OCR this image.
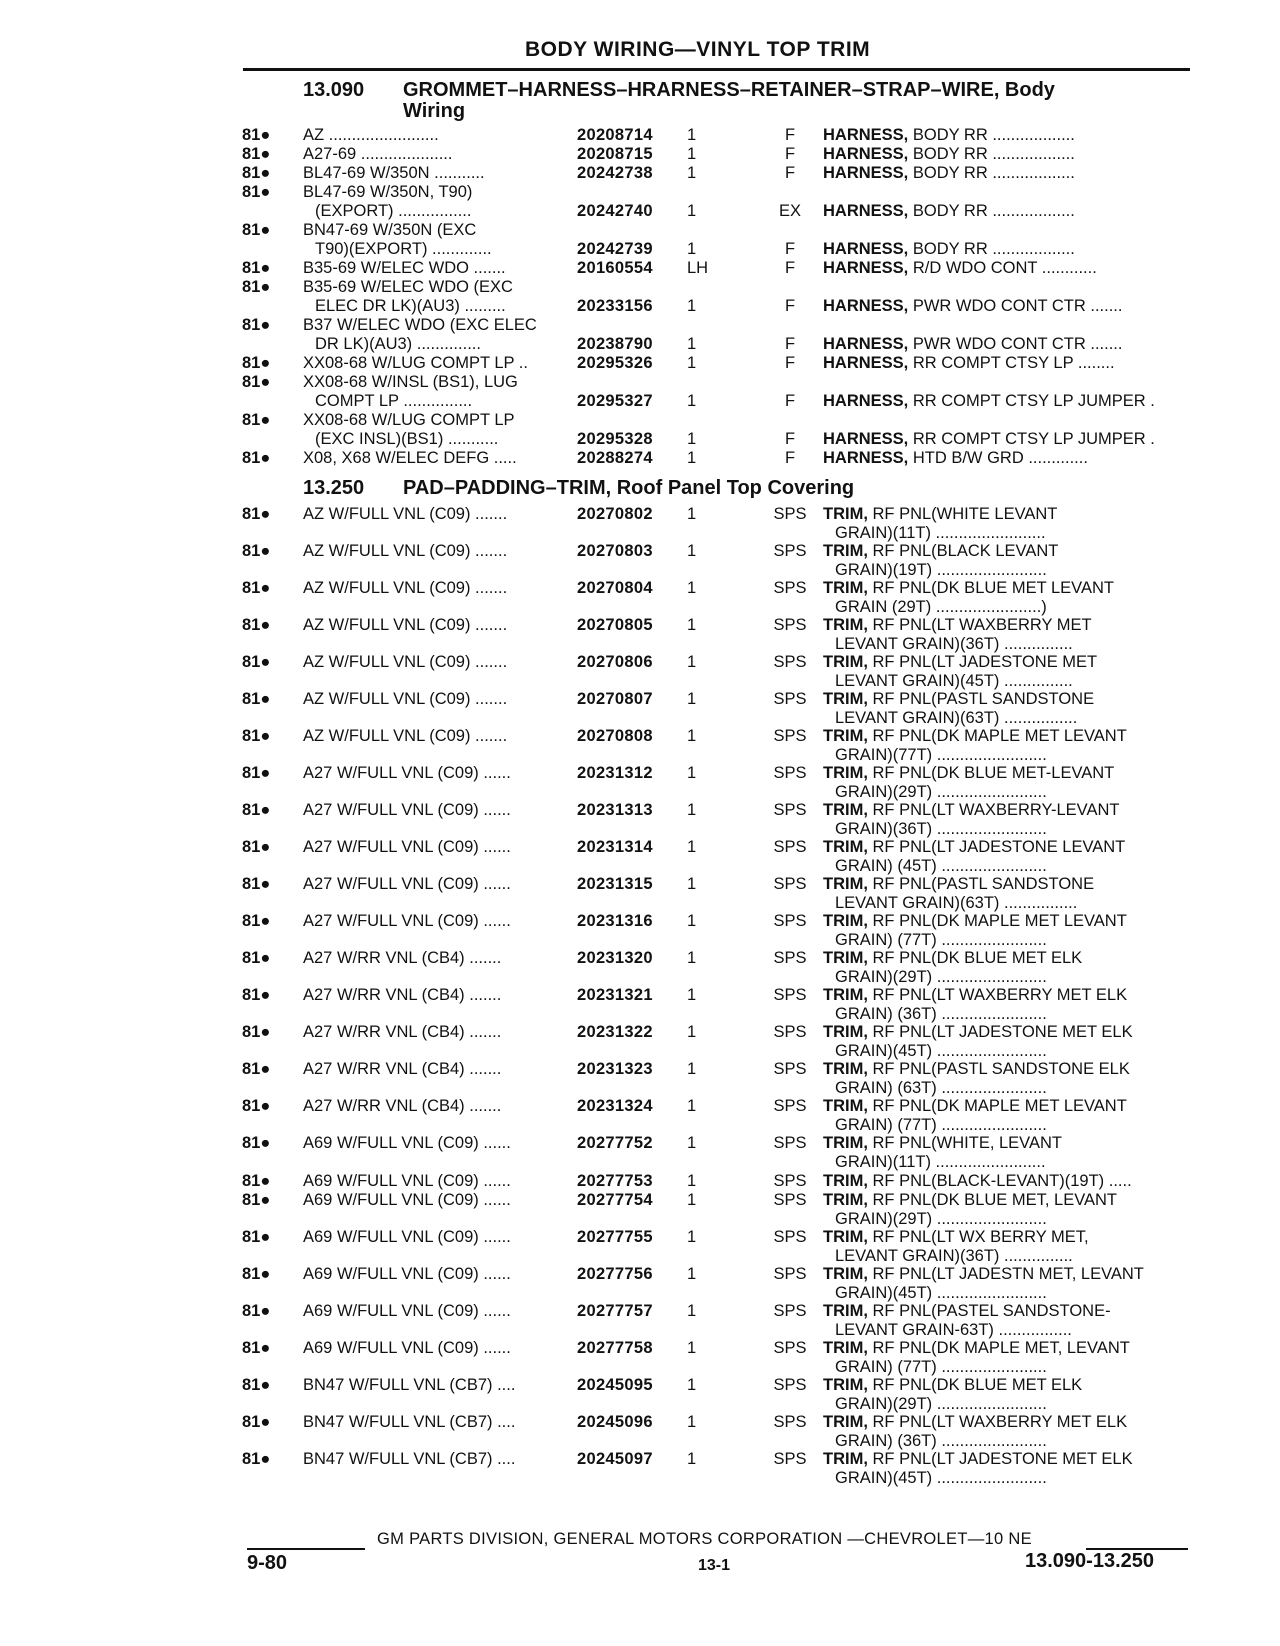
BODY WIRING—VINYL TOP TRIM
13.090 GROMMET–HARNESS–HRARNESS–RETAINER–STRAP–WIRE, Body
Wiring
81● AZ ........................	20208714 1	F	HARNESS, BODY RR ..................
81● A27-69 ....................	20208715 1	F	HARNESS, BODY RR ..................
81● BL47-69 W/350N ...........	20242738 1	F	HARNESS, BODY RR ..................
81● BL47-69 W/350N, T90)
(EXPORT) ................	20242740 1	EX	HARNESS, BODY RR ..................
81● BN47-69 W/350N (EXC
T90)(EXPORT) .............	20242739 1	F	HARNESS, BODY RR ..................
81● B35-69 W/ELEC WDO .......	20160554 LH	F	HARNESS, R/D WDO CONT ............
81● B35-69 W/ELEC WDO (EXC
ELEC DR LK)(AU3) .........	20233156 1	F	HARNESS, PWR WDO CONT CTR .......
81● B37 W/ELEC WDO (EXC ELEC
DR LK)(AU3) ..............	20238790 1	F	HARNESS, PWR WDO CONT CTR .......
81● XX08-68 W/LUG COMPT LP ..	20295326 1	F	HARNESS, RR COMPT CTSY LP ........
81● XX08-68 W/INSL (BS1), LUG
COMPT LP ...............	20295327 1	F	HARNESS, RR COMPT CTSY LP JUMPER .
81● XX08-68 W/LUG COMPT LP
(EXC INSL)(BS1) ...........	20295328 1	F	HARNESS, RR COMPT CTSY LP JUMPER .
81● X08, X68 W/ELEC DEFG .....	20288274 1	F	HARNESS, HTD B/W GRD .............
13.250 PAD–PADDING–TRIM, Roof Panel Top Covering
81● AZ W/FULL VNL (C09) .......	20270802 1	SPS TRIM, RF PNL(WHITE LEVANT
GRAIN)(11T) ........................
81● AZ W/FULL VNL (C09) .......	20270803 1	SPS TRIM, RF PNL(BLACK LEVANT
GRAIN)(19T) ........................
81● AZ W/FULL VNL (C09) .......	20270804 1	SPS TRIM, RF PNL(DK BLUE MET LEVANT
GRAIN (29T) .......................)
81● AZ W/FULL VNL (C09) .......	20270805 1	SPS TRIM, RF PNL(LT WAXBERRY MET
LEVANT GRAIN)(36T) ...............
81● AZ W/FULL VNL (C09) .......	20270806 1	SPS TRIM, RF PNL(LT JADESTONE MET
LEVANT GRAIN)(45T) ...............
81● AZ W/FULL VNL (C09) .......	20270807 1	SPS TRIM, RF PNL(PASTL SANDSTONE
LEVANT GRAIN)(63T) ................
81● AZ W/FULL VNL (C09) .......	20270808 1	SPS TRIM, RF PNL(DK MAPLE MET LEVANT
GRAIN)(77T) ........................
81● A27 W/FULL VNL (C09) ......	20231312 1	SPS TRIM, RF PNL(DK BLUE MET-LEVANT
GRAIN)(29T) ........................
81● A27 W/FULL VNL (C09) ......	20231313 1	SPS TRIM, RF PNL(LT WAXBERRY-LEVANT
GRAIN)(36T) ........................
81● A27 W/FULL VNL (C09) ......	20231314 1	SPS TRIM, RF PNL(LT JADESTONE LEVANT
GRAIN) (45T) .......................
81● A27 W/FULL VNL (C09) ......	20231315 1	SPS TRIM, RF PNL(PASTL SANDSTONE
LEVANT GRAIN)(63T) ................
81● A27 W/FULL VNL (C09) ......	20231316 1	SPS TRIM, RF PNL(DK MAPLE MET LEVANT
GRAIN) (77T) .......................
81● A27 W/RR VNL (CB4) .......	20231320 1	SPS TRIM, RF PNL(DK BLUE MET ELK
GRAIN)(29T) ........................
81● A27 W/RR VNL (CB4) .......	20231321 1	SPS TRIM, RF PNL(LT WAXBERRY MET ELK
GRAIN) (36T) .......................
81● A27 W/RR VNL (CB4) .......	20231322 1	SPS TRIM, RF PNL(LT JADESTONE MET ELK
GRAIN)(45T) ........................
81● A27 W/RR VNL (CB4) .......	20231323 1	SPS TRIM, RF PNL(PASTL SANDSTONE ELK
GRAIN) (63T) .......................
81● A27 W/RR VNL (CB4) .......	20231324 1	SPS TRIM, RF PNL(DK MAPLE MET LEVANT
GRAIN) (77T) .......................
81● A69 W/FULL VNL (C09) ......	20277752 1	SPS TRIM, RF PNL(WHITE, LEVANT
GRAIN)(11T) ........................
81● A69 W/FULL VNL (C09) ......	20277753 1	SPS TRIM, RF PNL(BLACK-LEVANT)(19T) .....
81● A69 W/FULL VNL (C09) ......	20277754 1	SPS TRIM, RF PNL(DK BLUE MET, LEVANT
GRAIN)(29T) ........................
81● A69 W/FULL VNL (C09) ......	20277755 1	SPS TRIM, RF PNL(LT WX BERRY MET,
LEVANT GRAIN)(36T) ...............
81● A69 W/FULL VNL (C09) ......	20277756 1	SPS TRIM, RF PNL(LT JADESTN MET, LEVANT
GRAIN)(45T) ........................
81● A69 W/FULL VNL (C09) ......	20277757 1	SPS TRIM, RF PNL(PASTEL SANDSTONE-
LEVANT GRAIN-63T) ................
81● A69 W/FULL VNL (C09) ......	20277758 1	SPS TRIM, RF PNL(DK MAPLE MET, LEVANT
GRAIN) (77T) .......................
81● BN47 W/FULL VNL (CB7) ....	20245095 1	SPS TRIM, RF PNL(DK BLUE MET ELK
GRAIN)(29T) ........................
81● BN47 W/FULL VNL (CB7) ....	20245096 1	SPS TRIM, RF PNL(LT WAXBERRY MET ELK
GRAIN) (36T) .......................
81● BN47 W/FULL VNL (CB7) ....	20245097 1	SPS TRIM, RF PNL(LT JADESTONE MET ELK
GRAIN)(45T) ........................
GM PARTS DIVISION, GENERAL MOTORS CORPORATION —CHEVROLET—10 NE
9-80	13-1	13.090-13.250
